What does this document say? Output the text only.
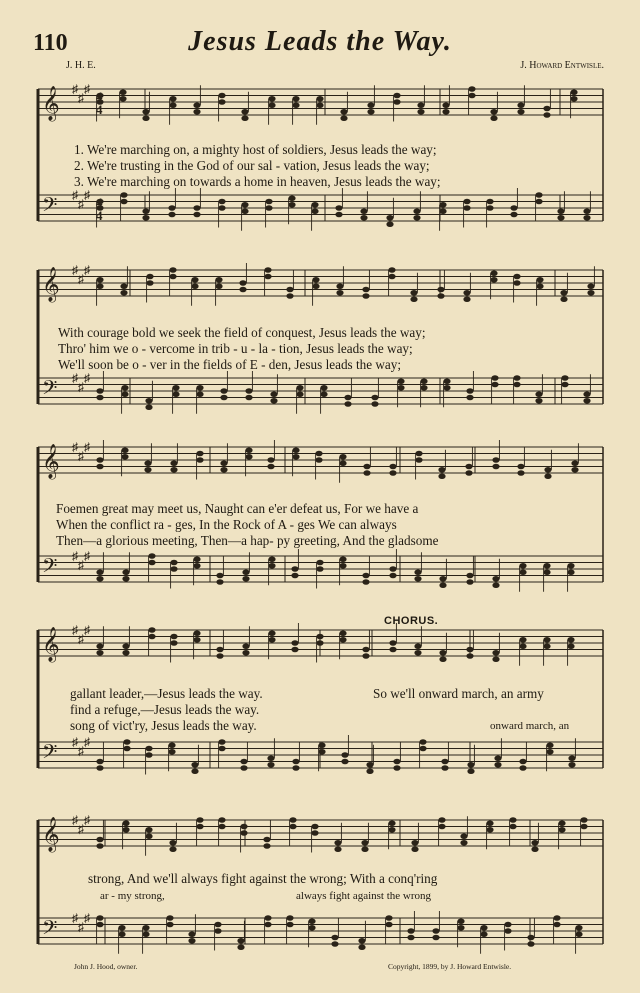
110	Jesus Leads the Way.
J. H. E.	J. Howard Entwisle.
♯
♯
♯
𝄞
♯
♯
♯
𝄢
♯
♯
♯
𝄞
♯
♯
♯
𝄢
♯
♯
♯
𝄞
♯
♯
♯
𝄢
♯
♯
♯
𝄞
♯
♯
♯
𝄢
♯
♯
♯
𝄞
♯
♯
♯
𝄢
4
4
4
4
1. We're marching on, a mighty host of soldiers, Jesus leads the way;
2. We're trusting in the God of our sal - vation, Jesus leads the way;
3. We're marching on towards a home in heaven, Jesus leads the way;
With courage bold we seek the field of conquest, Jesus leads the way;
Thro' him we o - vercome in trib - u - la - tion, Jesus leads the way;
We'll soon be o - ver in the fields of E - den, Jesus leads the way;
Foemen great may meet us, Naught can e'er defeat us, For we have a
When the conflict ra - ges, In the Rock of A - ges We can always
Then—a glorious meeting, Then—a hap- py greeting, And the gladsome
CHORUS.
gallant leader,—Jesus leads the way.
find a refuge,—Jesus leads the way.
song of vict'ry, Jesus leads the way.
So we'll onward march, an army
onward march, an
strong, And we'll always fight against the wrong; With a conq'ring
ar - my strong,	always fight against the wrong
John J. Hood, owner.	Copyright, 1899, by J. Howard Entwisle.
